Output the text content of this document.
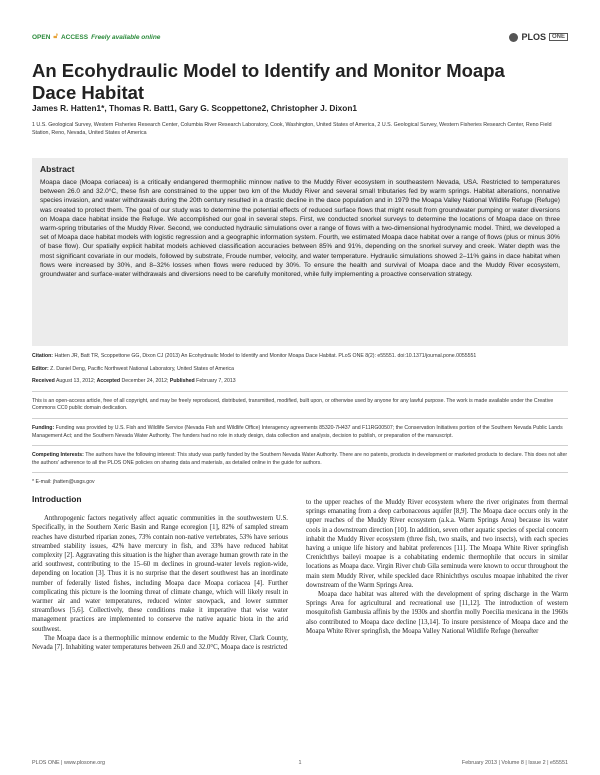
OPEN 🔓︎ ACCESS Freely available online	PLOS	ONE
An Ecohydraulic Model to Identify and Monitor Moapa Dace Habitat
James R. Hatten1*, Thomas R. Batt1, Gary G. Scoppettone2, Christopher J. Dixon1
1 U.S. Geological Survey, Western Fisheries Research Center, Columbia River Research Laboratory, Cook, Washington, United States of America, 2 U.S. Geological Survey, Western Fisheries Research Center, Reno Field Station, Reno, Nevada, United States of America
Abstract

Moapa dace (Moapa coriacea) is a critically endangered thermophilic minnow native to the Muddy River ecosystem in southeastern Nevada, USA. Restricted to temperatures between 26.0 and 32.0°C, these fish are constrained to the upper two km of the Muddy River and several small tributaries fed by warm springs. Habitat alterations, nonnative species invasion, and water withdrawals during the 20th century resulted in a drastic decline in the dace population and in 1979 the Moapa Valley National Wildlife Refuge (Refuge) was created to protect them. The goal of our study was to determine the potential effects of reduced surface flows that might result from groundwater pumping or water diversions on Moapa dace habitat inside the Refuge. We accomplished our goal in several steps. First, we conducted snorkel surveys to determine the locations of Moapa dace on three warm-spring tributaries of the Muddy River. Second, we conducted hydraulic simulations over a range of flows with a two-dimensional hydrodynamic model. Third, we developed a set of Moapa dace habitat models with logistic regression and a geographic information system. Fourth, we estimated Moapa dace habitat over a range of flows (plus or minus 30% of base flow). Our spatially explicit habitat models achieved classification accuracies between 85% and 91%, depending on the snorkel survey and creek. Water depth was the most significant covariate in our models, followed by substrate, Froude number, velocity, and water temperature. Hydraulic simulations showed 2–11% gains in dace habitat when flows were increased by 30%, and 8–32% losses when flows were reduced by 30%. To ensure the health and survival of Moapa dace and the Muddy River ecosystem, groundwater and surface-water withdrawals and diversions need to be carefully monitored, while fully implementing a proactive conservation strategy.

Citation: Hatten JR, Batt TR, Scoppettone GG, Dixon CJ (2013) An Ecohydraulic Model to Identify and Monitor Moapa Dace Habitat. PLoS ONE 8(2): e55551. doi:10.1371/journal.pone.0055551
Editor: Z. Daniel Deng, Pacific Northwest National Laboratory, United States of America
Received August 13, 2012; Accepted December 24, 2012; Published February 7, 2013
This is an open-access article, free of all copyright, and may be freely reproduced, distributed, transmitted, modified, built upon, or otherwise used by anyone for any lawful purpose. The work is made available under the Creative Commons CC0 public domain dedication.
Funding: Funding was provided by U.S. Fish and Wildlife Service (Nevada Fish and Wildlife Office) Interagency agreements 85320-7H437 and F11RG00507; the Conservation Initiatives portion of the Southern Nevada Public Lands Management Act; and the Southern Nevada Water Authority. The funders had no role in study design, data collection and analysis, decision to publish, or preparation of the manuscript.
Competing Interests: The authors have the following interest: This study was partly funded by the Southern Nevada Water Authority. There are no patents, products in development or marketed products to declare. This does not alter the authors' adherence to all the PLOS ONE policies on sharing data and materials, as detailed online in the guide for authors.
* E-mail: jhatten@usgs.gov
Introduction

Anthropogenic factors negatively affect aquatic communities in the southwestern U.S. Specifically, in the Southern Xeric Basin and Range ecoregion [1], 82% of sampled stream reaches have disturbed riparian zones, 73% contain non-native vertebrates, 53% have serious streambed stability issues, 42% have mercury in fish, and 33% have reduced habitat complexity [2]. Aggravating this situation is the higher than average human growth rate in the arid southwest, contributing to the 15–60 m declines in ground-water levels region-wide, depending on location [3]. Thus it is no surprise that the desert southwest has an inordinate number of federally listed fishes, including Moapa dace Moapa coriacea [4]. Further complicating this picture is the looming threat of climate change, which will likely result in warmer air and water temperatures, reduced winter snowpack, and lower summer streamflows [5,6]. Collectively, these conditions make it imperative that wise water management practices are implemented to conserve the native aquatic biota in the arid southwest.

The Moapa dace is a thermophilic minnow endemic to the Muddy River, Clark County, Nevada [7]. Inhabiting water temperatures between 26.0 and 32.0°C, Moapa dace is restricted

to the upper reaches of the Muddy River ecosystem where the river originates from thermal springs emanating from a deep carbonaceous aquifer [8,9]. The Moapa dace occurs only in the upper reaches of the Muddy River ecosystem (a.k.a. Warm Springs Area) because its water cools in a downstream direction [10]. In addition, seven other aquatic species of special concern inhabit the Muddy River ecosystem (three fish, two snails, and two insects), with each species having a unique life history and habitat preferences [11]. The Moapa White River springfish Crenichthys baileyi moapae is a cohabitating endemic thermophile that occurs in similar locations as Moapa dace. Virgin River chub Gila seminuda were known to occur throughout the main stem Muddy River, while speckled dace Rhinichthys osculus moapae inhabited the river downstream of the Warm Springs Area.

Moapa dace habitat was altered with the development of spring discharge in the Warm Springs Area for agricultural and recreational use [11,12]. The introduction of western mosquitofish Gambusia affinis by the 1930s and shortfin molly Poecilia mexicana in the 1960s also contributed to Moapa dace decline [13,14]. To insure persistence of Moapa dace and the Moapa White River springfish, the Moapa Valley National Wildlife Refuge (hereafter

PLOS ONE | www.plosone.org	1	February 2013 | Volume 8 | Issue 2 | e55551
